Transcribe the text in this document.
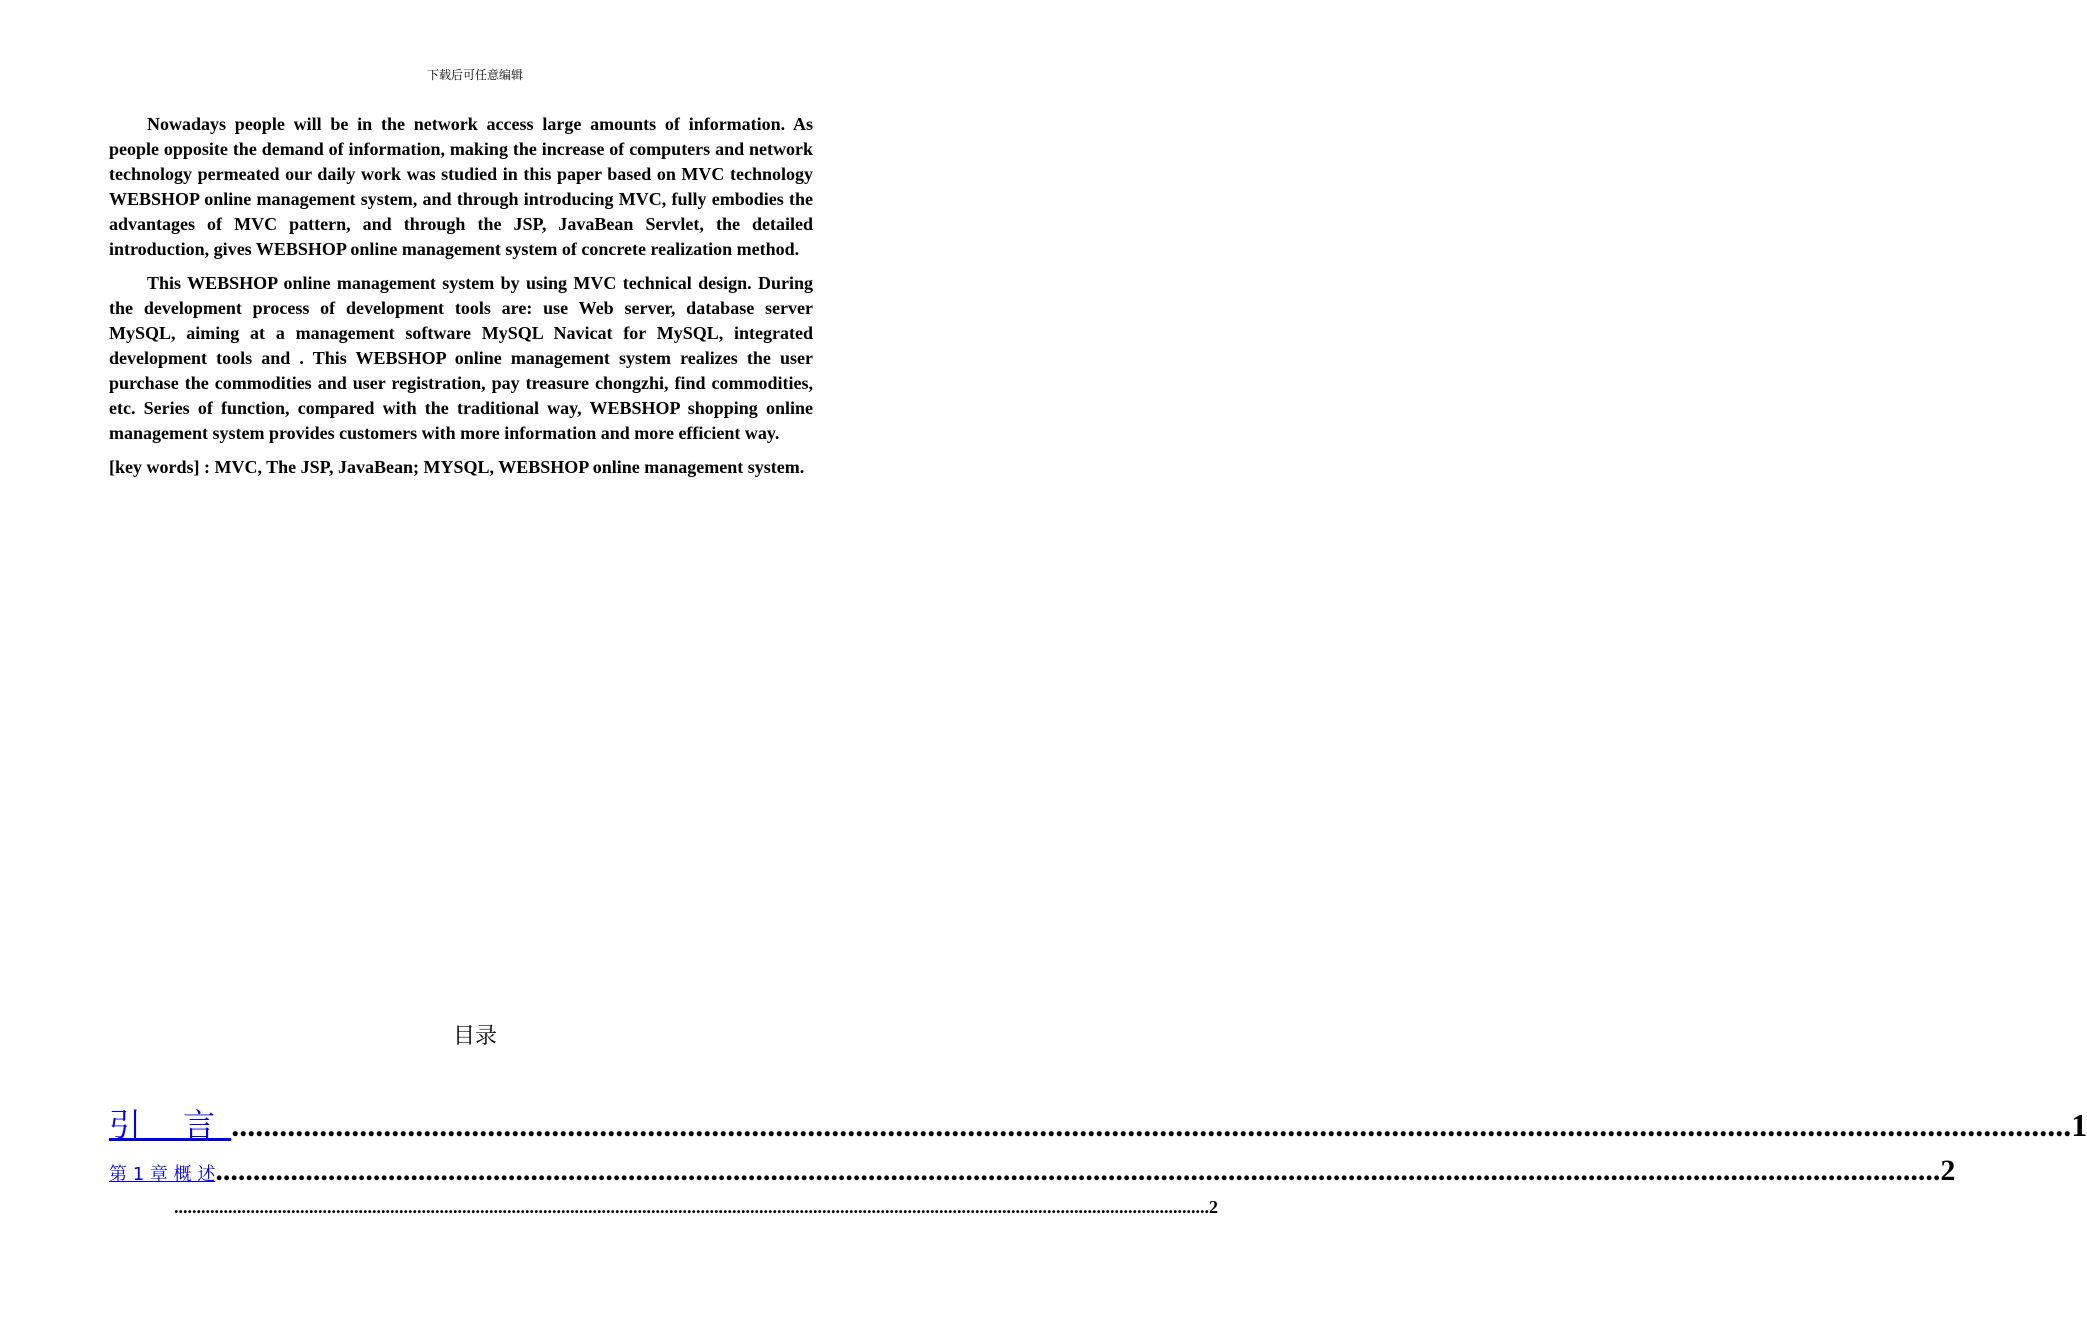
下载后可任意编辑

Nowadays people will be in the network access large amounts of information. As people opposite the demand of information, making the increase of computers and network technology permeated our daily work was studied in this paper based on MVC technology WEBSHOP online management system, and through introducing MVC, fully embodies the advantages of MVC pattern, and through the JSP, JavaBean Servlet, the detailed introduction, gives WEBSHOP online management system of concrete realization method.

This WEBSHOP online management system by using MVC technical design. During the development process of development tools are: use Web server, database server MySQL, aiming at a management software MySQL Navicat for MySQL, integrated development tools and . This WEBSHOP online management system realizes the user purchase the commodities and user registration, pay treasure chongzhi, find commodities, etc. Series of function, compared with the traditional way, WEBSHOP shopping online management system provides customers with more information and more efficient way.

[key words] : MVC, The JSP, JavaBean; MYSQL, WEBSHOP online management system.

目录
引 言 ...................................................................................................................................................................................................................................... 1
第 1 章 概 述 ...................................................................................................................................................................................................................................... 2
...................................................................................................................................................................................................................................... 2
